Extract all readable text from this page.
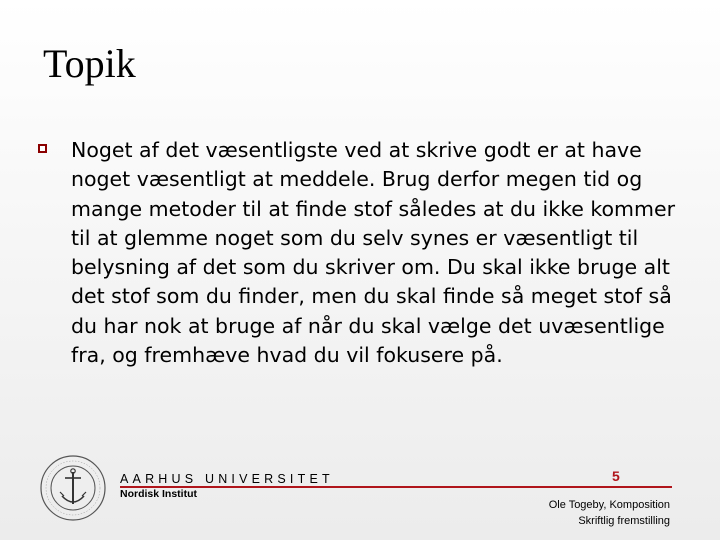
Topik
Noget af det væsentligste ved at skrive godt er at have noget væsentligt at meddele. Brug derfor megen tid og mange metoder til at finde stof således at du ikke kommer til at glemme noget som du selv synes er væsentligt til belysning af det som du skriver om. Du skal ikke bruge alt det stof som du finder, men du skal finde så meget stof så du har nok at bruge af når du skal vælge det uvæsentlige fra, og fremhæve hvad du vil fokusere på.
AARHUS UNIVERSITET
Nordisk Institut
5
Ole Togeby, Komposition
Skriftlig fremstilling
